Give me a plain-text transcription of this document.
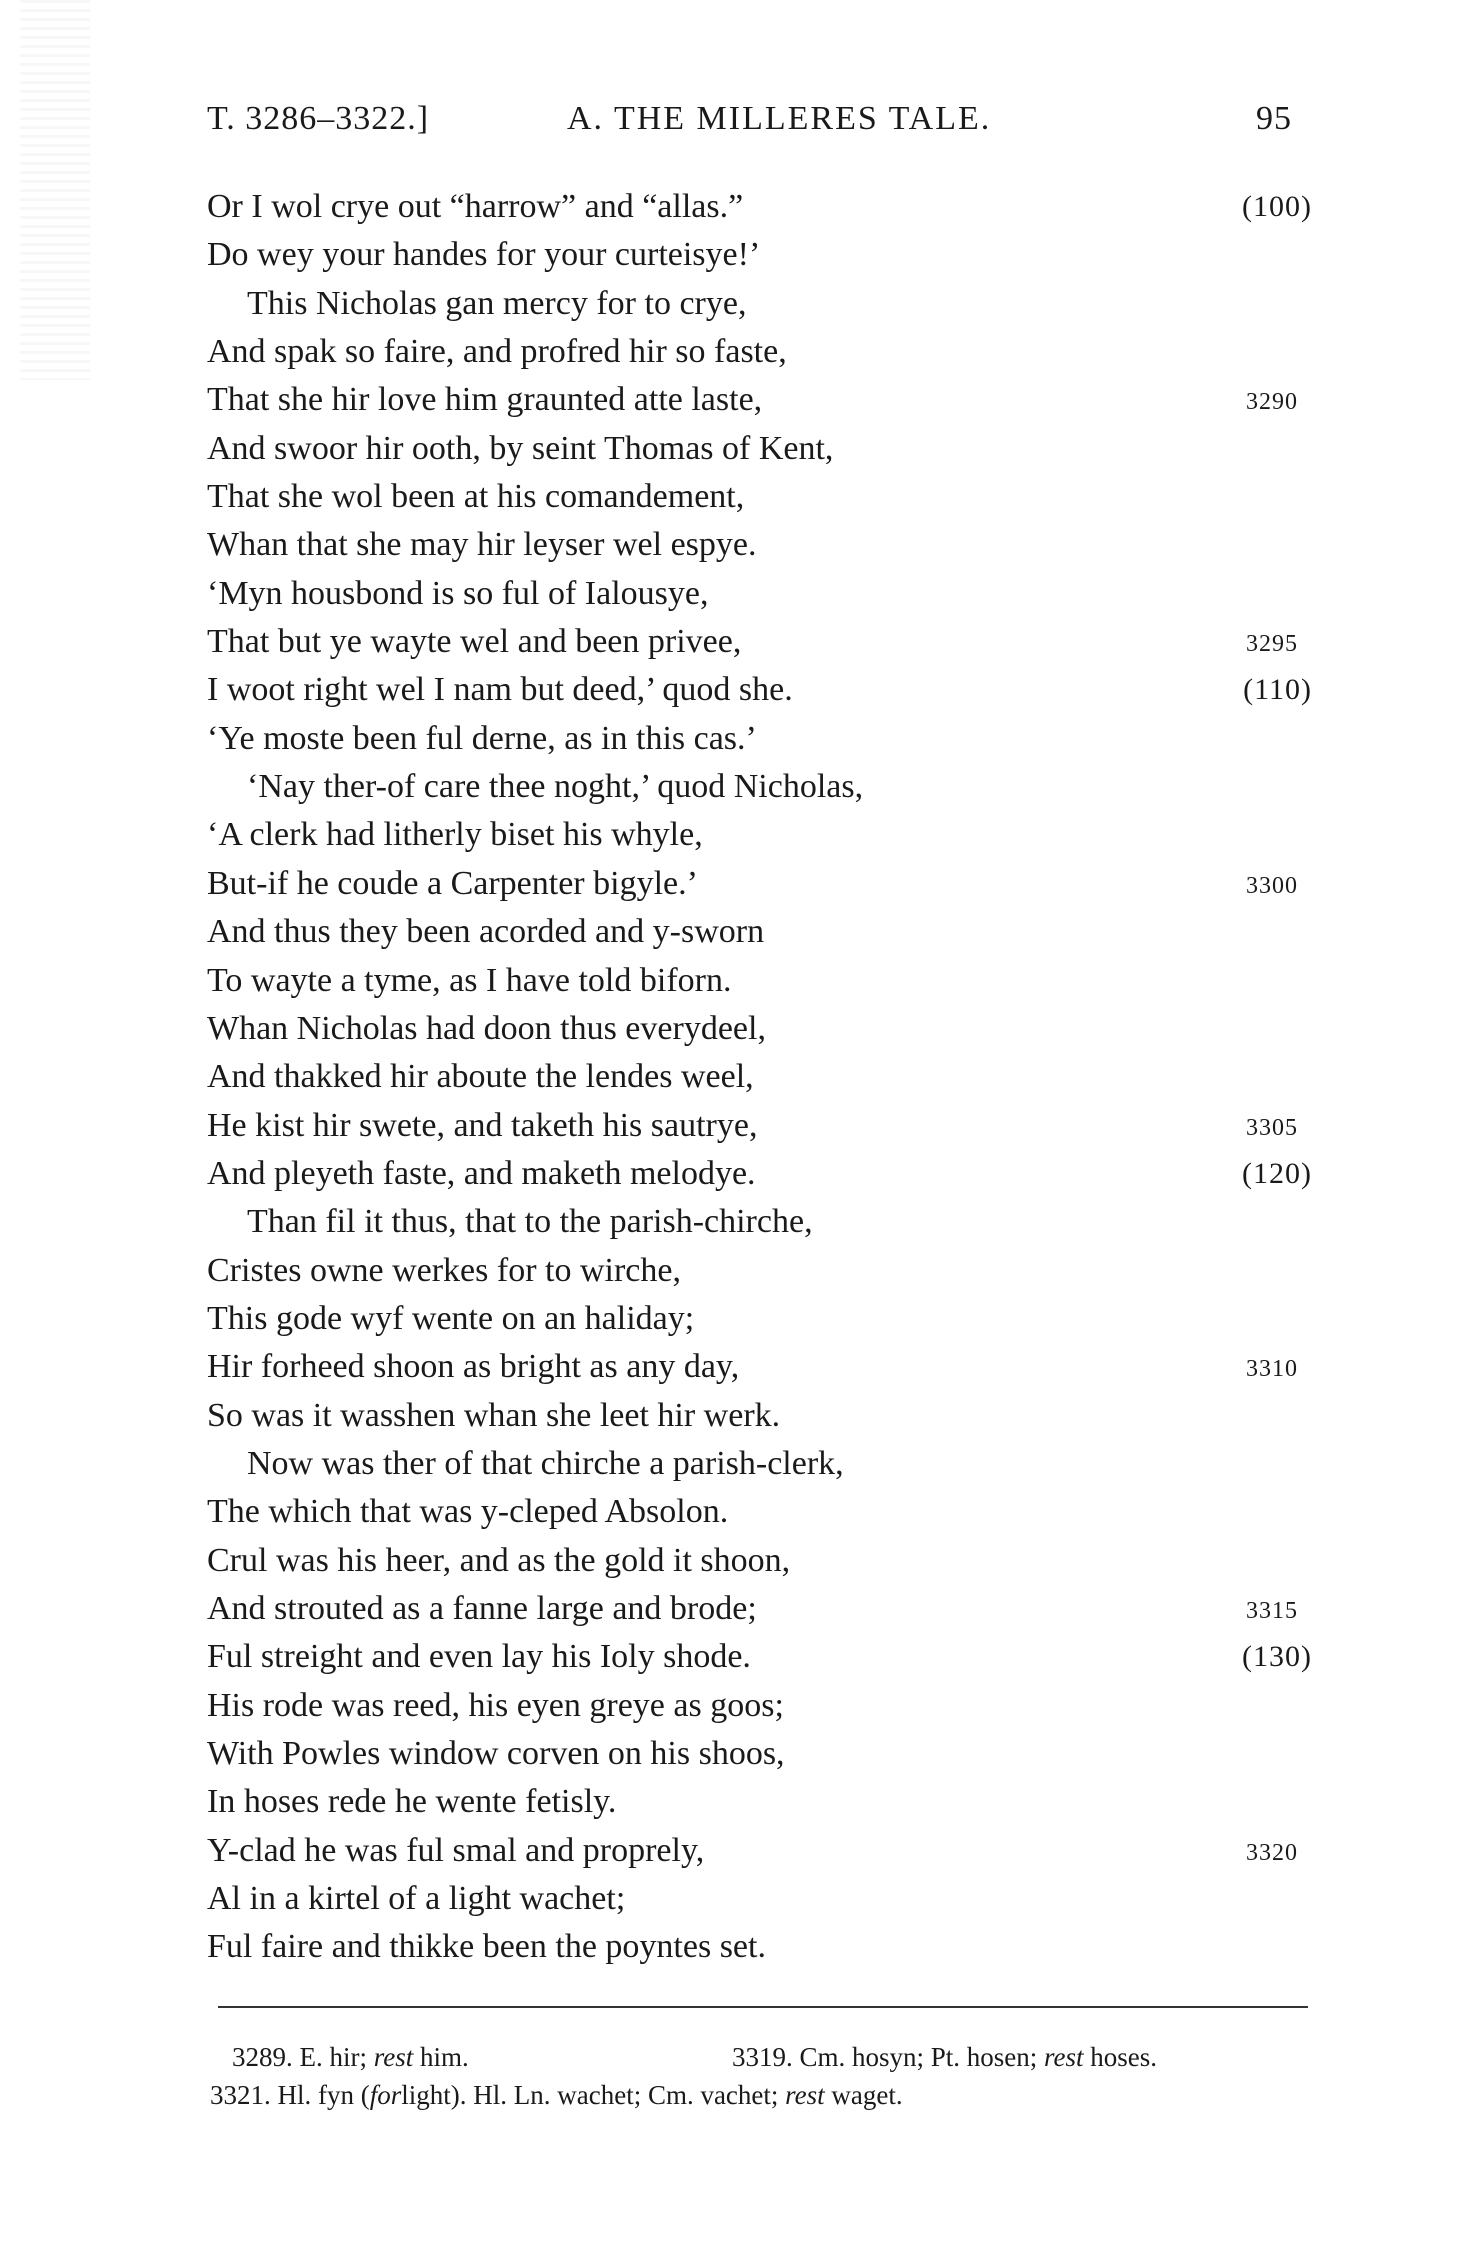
T. 3286–3322.]	A. THE MILLERES TALE.	95
Or I wol crye out “harrow” and “allas.”	(100)
Do wey your handes for your curteisye!’
This Nicholas gan mercy for to crye,
And spak so faire, and profred hir so faste,
That she hir love him graunted atte laste,	3290
And swoor hir ooth, by seint Thomas of Kent,
That she wol been at his comandement,
Whan that she may hir leyser wel espye.
‘Myn housbond is so ful of Ialousye,
That but ye wayte wel and been privee,	3295
I woot right wel I nam but deed,’ quod she.	(110)
‘Ye moste been ful derne, as in this cas.’
‘Nay ther-of care thee noght,’ quod Nicholas,
‘A clerk had litherly biset his whyle,
But-if he coude a Carpenter bigyle.’	3300
And thus they been acorded and y-sworn
To wayte a tyme, as I have told biforn.
Whan Nicholas had doon thus everydeel,
And thakked hir aboute the lendes weel,
He kist hir swete, and taketh his sautrye,	3305
And pleyeth faste, and maketh melodye.	(120)
Than fil it thus, that to the parish-chirche,
Cristes owne werkes for to wirche,
This gode wyf wente on an haliday;
Hir forheed shoon as bright as any day,	3310
So was it wasshen whan she leet hir werk.
Now was ther of that chirche a parish-clerk,
The which that was y-cleped Absolon.
Crul was his heer, and as the gold it shoon,
And strouted as a fanne large and brode;	3315
Ful streight and even lay his Ioly shode.	(130)
His rode was reed, his eyen greye as goos;
With Powles window corven on his shoos,
In hoses rede he wente fetisly.
Y-clad he was ful smal and proprely,	3320
Al in a kirtel of a light wachet;
Ful faire and thikke been the poyntes set.
3289. E. hir; rest him.	3319. Cm. hosyn; Pt. hosen; rest hoses.
3321. Hl. fyn (forlight). Hl. Ln. wachet; Cm. vachet; rest waget.
